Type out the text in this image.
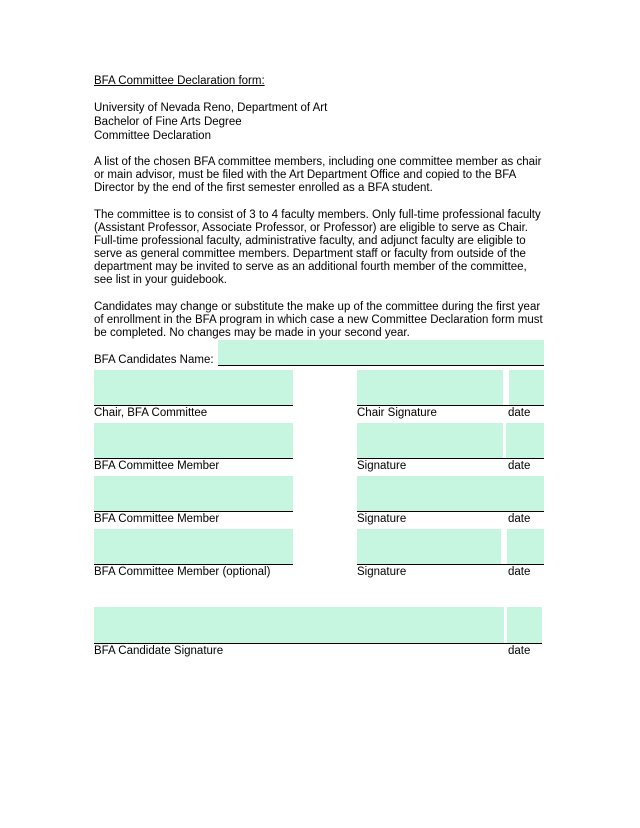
BFA Committee Declaration form:
University of Nevada Reno, Department of Art
Bachelor of Fine Arts Degree
Committee Declaration
A list of the chosen BFA committee members, including one committee member as chair
or main advisor, must be filed with the Art Department Office and copied to the BFA
Director by the end of the first semester enrolled as a BFA student.
The committee is to consist of 3 to 4 faculty members. Only full-time professional faculty
(Assistant Professor, Associate Professor, or Professor) are eligible to serve as Chair.
Full-time professional faculty, administrative faculty, and adjunct faculty are eligible to
serve as general committee members. Department staff or faculty from outside of the
department may be invited to serve as an additional fourth member of the committee,
see list in your guidebook.
Candidates may change or substitute the make up of the committee during the first year
of enrollment in the BFA program in which case a new Committee Declaration form must
be completed. No changes may be made in your second year.
BFA Candidates Name:
Chair, BFA Committee	Chair Signature	date
BFA Committee Member	Signature	date
BFA Committee Member	Signature	date
BFA Committee Member (optional)	Signature	date
BFA Candidate Signature	date
